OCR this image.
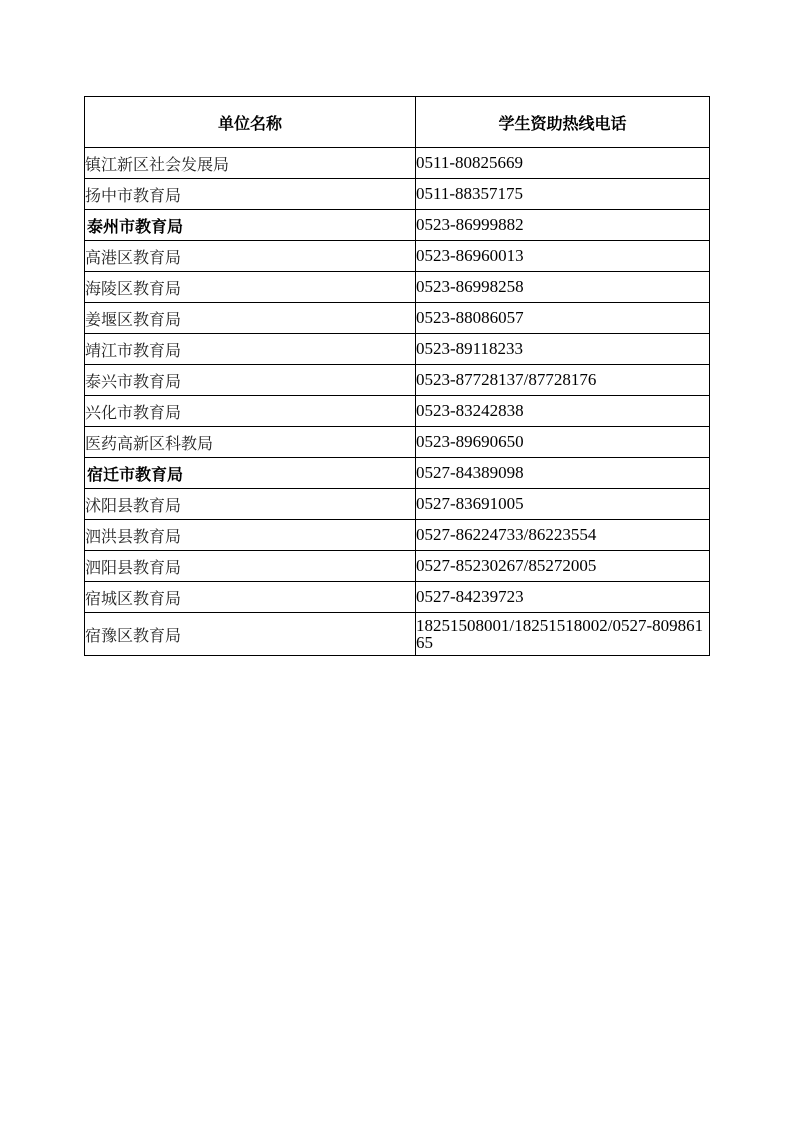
单位名称	学生资助热线电话
镇江新区社会发展局	0511-80825669
扬中市教育局	0511-88357175
泰州市教育局	0523-86999882
高港区教育局	0523-86960013
海陵区教育局	0523-86998258
姜堰区教育局	0523-88086057
靖江市教育局	0523-89118233
泰兴市教育局	0523-87728137/87728176
兴化市教育局	0523-83242838
医药高新区科教局	0523-89690650
宿迁市教育局	0527-84389098
沭阳县教育局	0527-83691005
泗洪县教育局	0527-86224733/86223554
泗阳县教育局	0527-85230267/85272005
宿城区教育局	0527-84239723
宿豫区教育局	18251508001/18251518002/0527-80986165
